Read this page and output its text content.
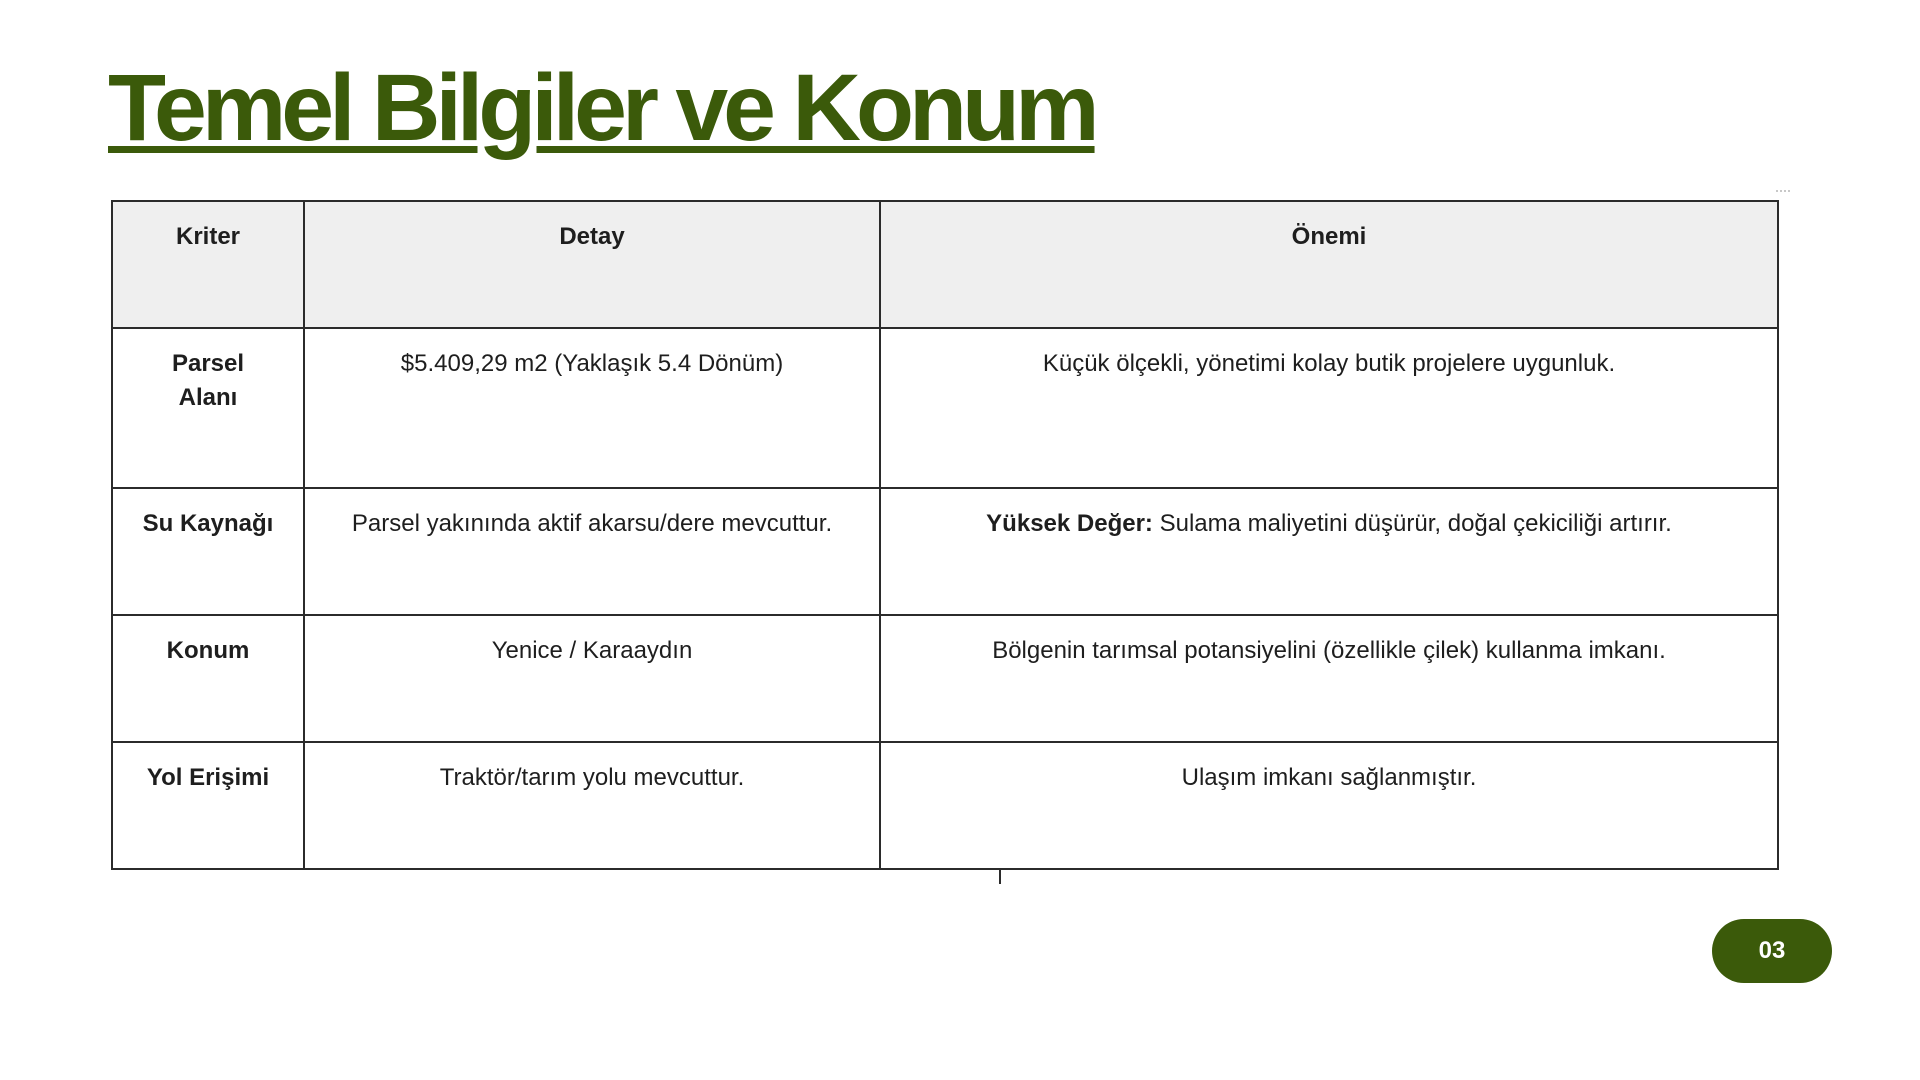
Temel Bilgiler ve Konum
Kriter	Detay	Önemi
Parsel Alanı	$5.409,29 m2 (Yaklaşık 5.4 Dönüm)	Küçük ölçekli, yönetimi kolay butik projelere uygunluk.
Su Kaynağı	Parsel yakınında aktif akarsu/dere mevcuttur.	Yüksek Değer: Sulama maliyetini düşürür, doğal çekiciliği artırır.
Konum	Yenice / Karaaydın	Bölgenin tarımsal potansiyelini (özellikle çilek) kullanma imkanı.
Yol Erişimi	Traktör/tarım yolu mevcuttur.	Ulaşım imkanı sağlanmıştır.
03
